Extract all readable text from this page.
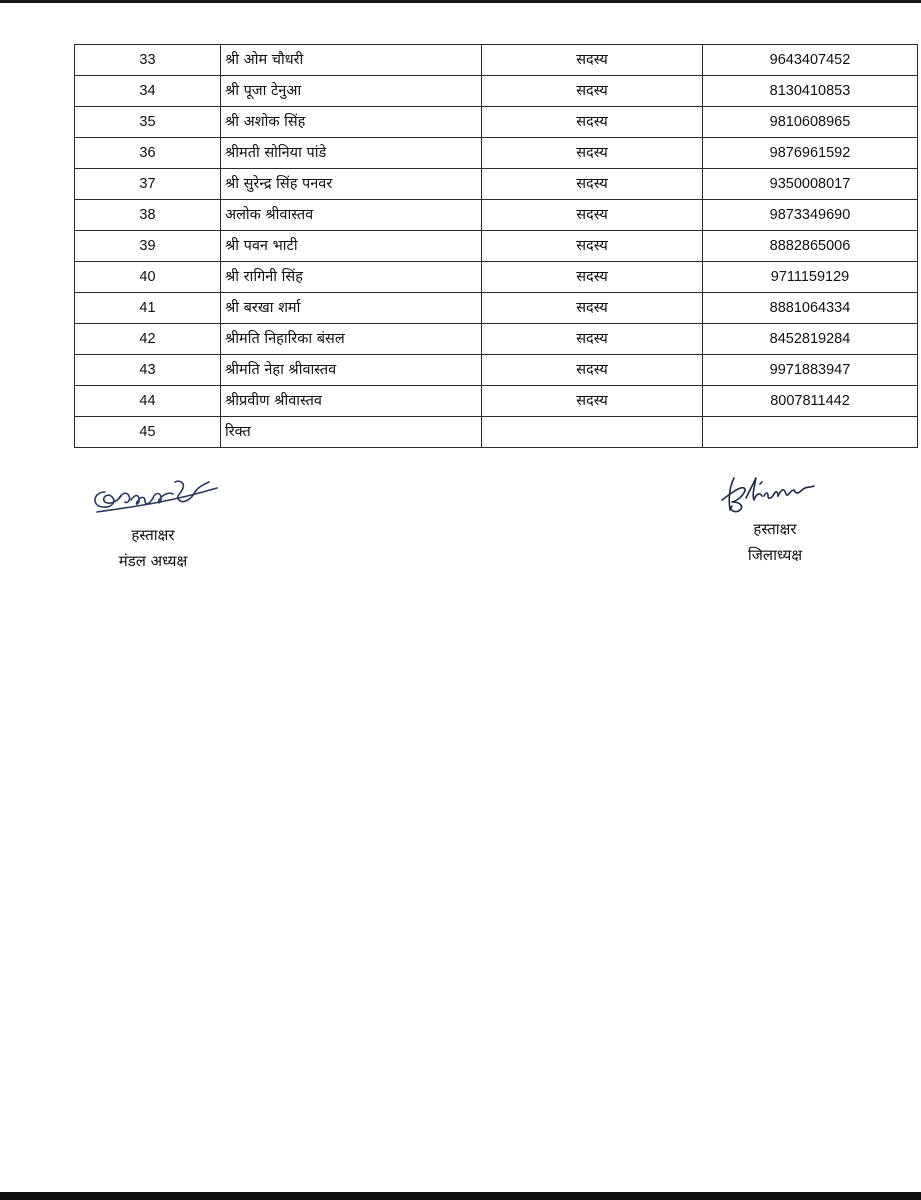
33	श्री ओम चौधरी	सदस्य	9643407452
34	श्री पूजा टेनुआ	सदस्य	8130410853
35	श्री अशोक सिंह	सदस्य	9810608965
36	श्रीमती सोनिया पांडे	सदस्य	9876961592
37	श्री सुरेन्द्र सिंह पनवर	सदस्य	9350008017
38	अलोक श्रीवास्तव	सदस्य	9873349690
39	श्री पवन भाटी	सदस्य	8882865006
40	श्री रागिनी सिंह	सदस्य	9711159129
41	श्री बरखा शर्मा	सदस्य	8881064334
42	श्रीमति निहारिका बंसल	सदस्य	8452819284
43	श्रीमति नेहा श्रीवास्तव	सदस्य	9971883947
44	श्रीप्रवीण श्रीवास्तव	सदस्य	8007811442
45	रिक्त		
हस्ताक्षर
मंडल अध्यक्ष
हस्ताक्षर
जिलाध्यक्ष
